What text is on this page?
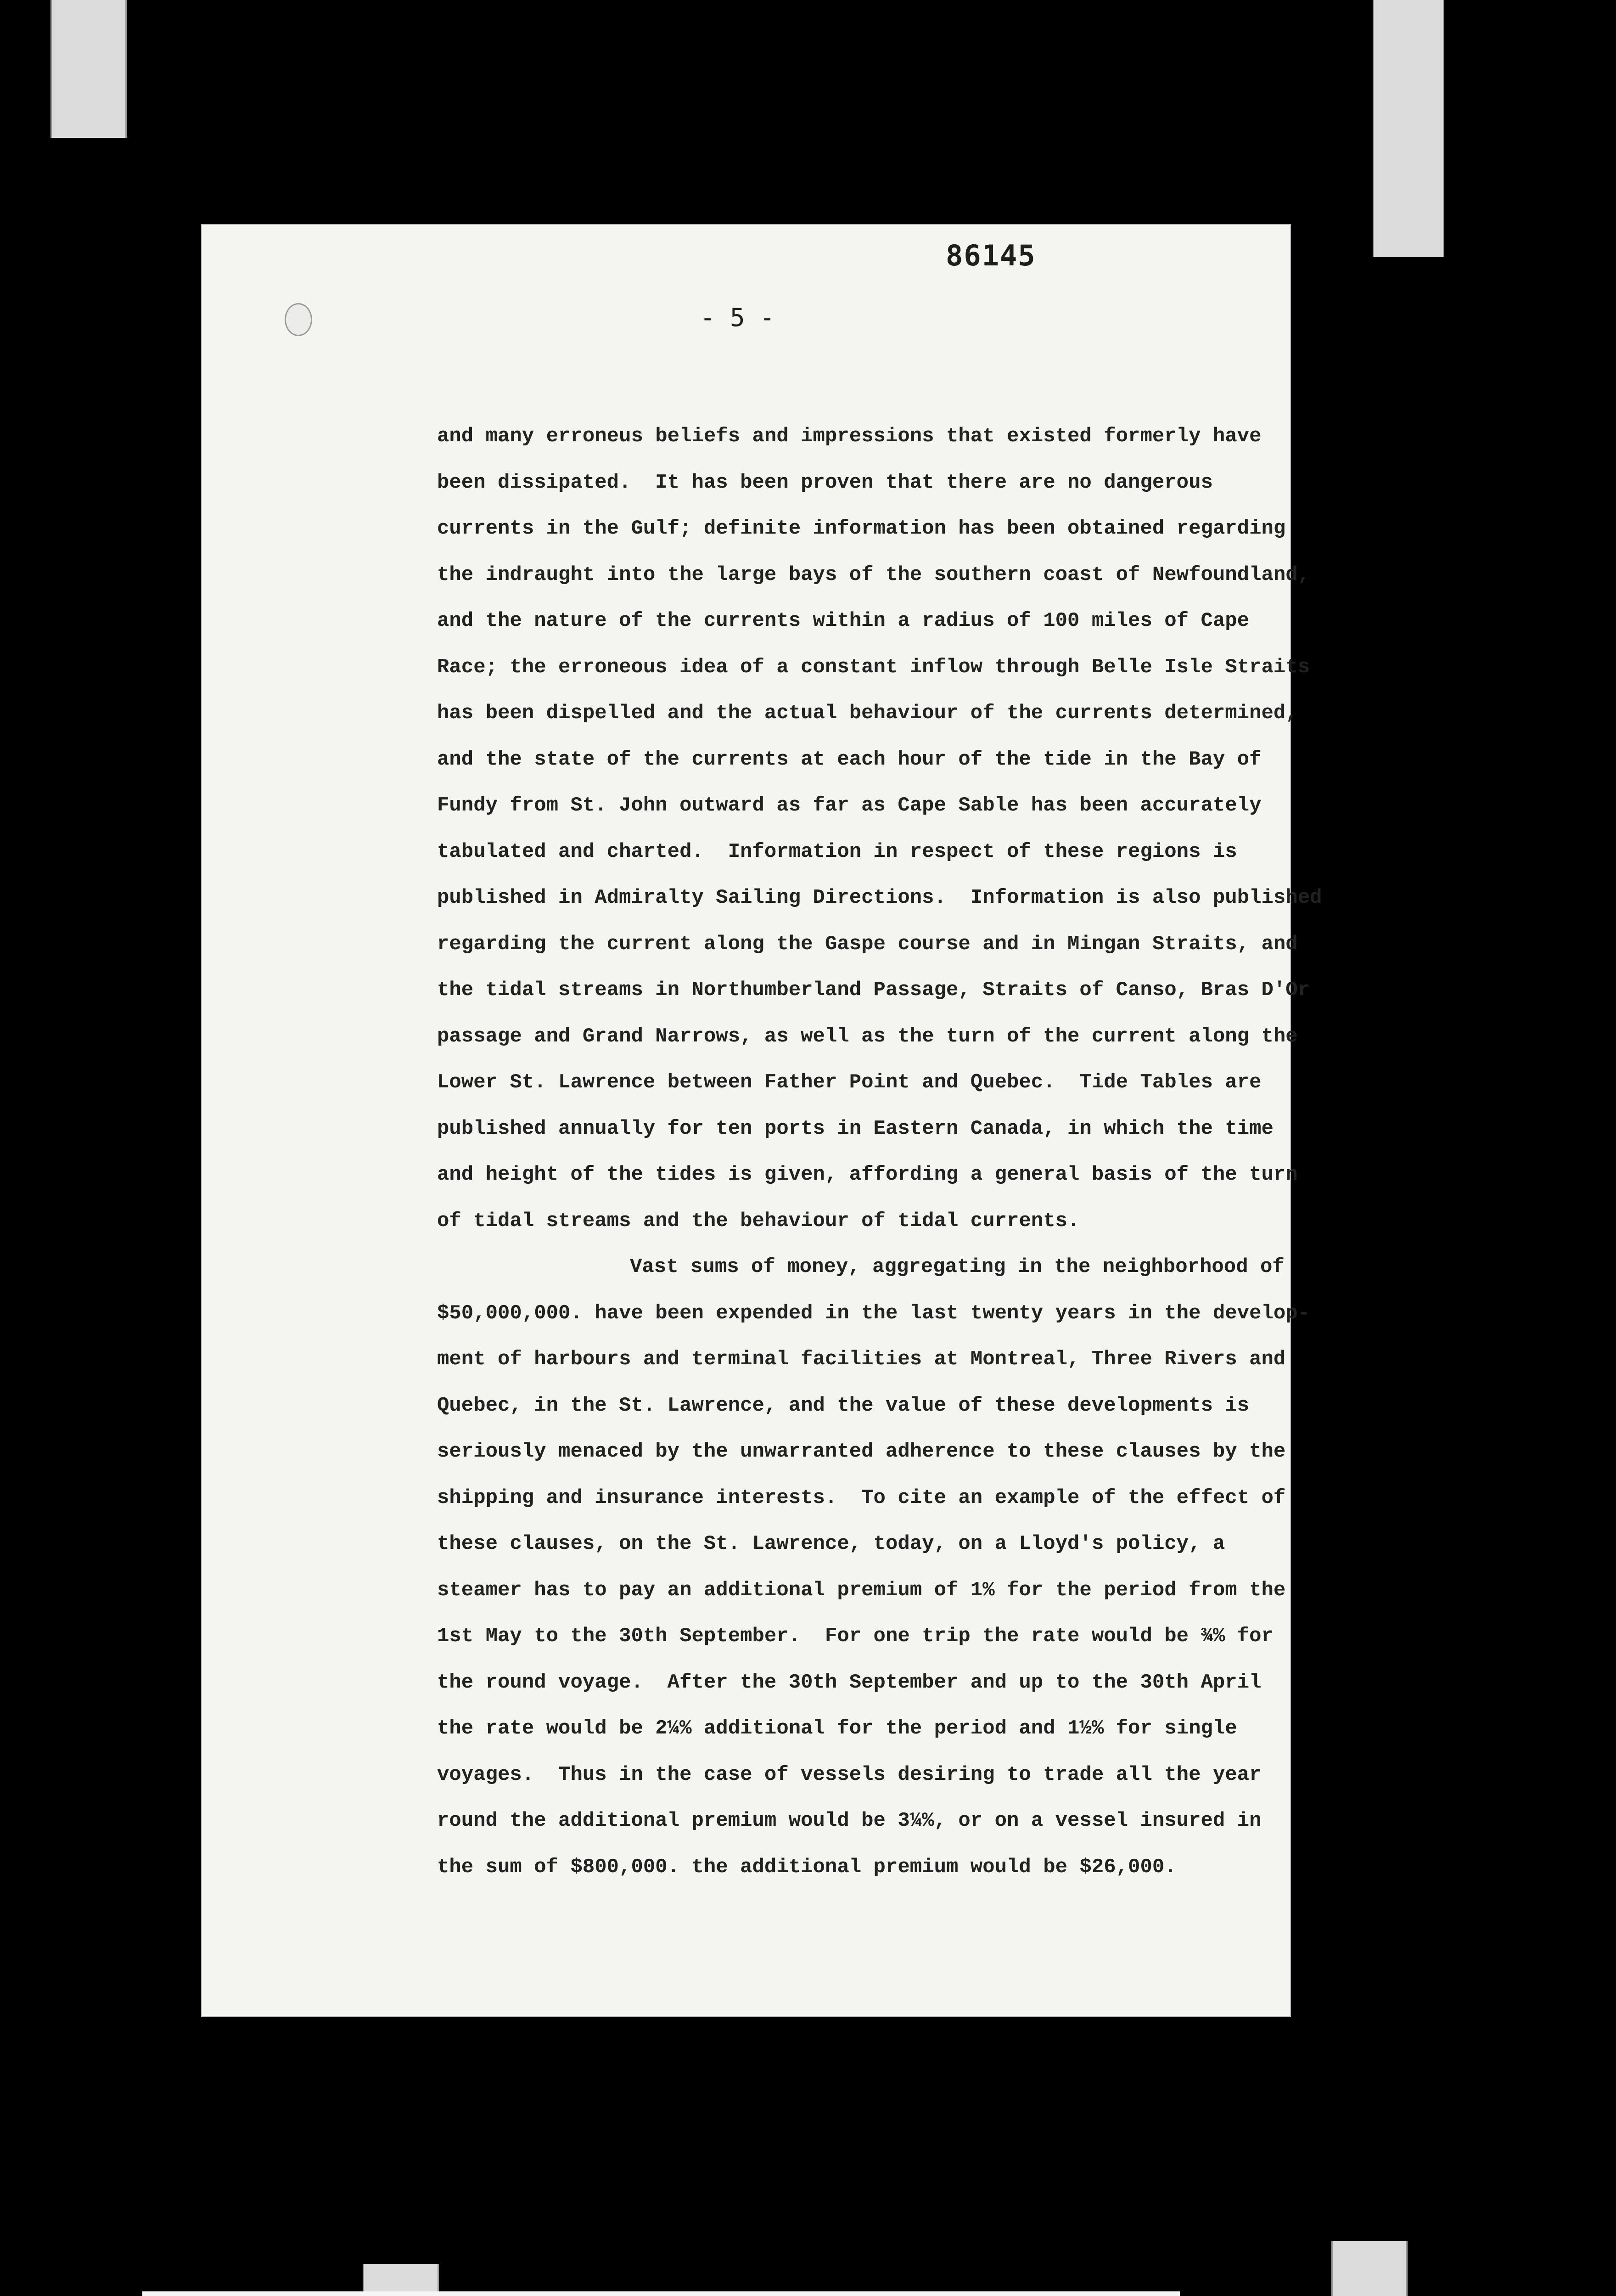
86145
- 5 -
and many erroneus beliefs and impressions that existed formerly have
been dissipated.  It has been proven that there are no dangerous
currents in the Gulf; definite information has been obtained regarding
the indraught into the large bays of the southern coast of Newfoundland,
and the nature of the currents within a radius of 100 miles of Cape
Race; the erroneous idea of a constant inflow through Belle Isle Straits
has been dispelled and the actual behaviour of the currents determined,
and the state of the currents at each hour of the tide in the Bay of
Fundy from St. John outward as far as Cape Sable has been accurately
tabulated and charted.  Information in respect of these regions is
published in Admiralty Sailing Directions.  Information is also published
regarding the current along the Gaspe course and in Mingan Straits, and
the tidal streams in Northumberland Passage, Straits of Canso, Bras D'Or
passage and Grand Narrows, as well as the turn of the current along the
Lower St. Lawrence between Father Point and Quebec.  Tide Tables are
published annually for ten ports in Eastern Canada, in which the time
and height of the tides is given, affording a general basis of the turn
of tidal streams and the behaviour of tidal currents.
Vast sums of money, aggregating in the neighborhood of
$50,000,000. have been expended in the last twenty years in the develop-
ment of harbours and terminal facilities at Montreal, Three Rivers and
Quebec, in the St. Lawrence, and the value of these developments is
seriously menaced by the unwarranted adherence to these clauses by the
shipping and insurance interests.  To cite an example of the effect of
these clauses, on the St. Lawrence, today, on a Lloyd's policy, a
steamer has to pay an additional premium of 1% for the period from the
1st May to the 30th September.  For one trip the rate would be ¾% for
the round voyage.  After the 30th September and up to the 30th April
the rate would be 2¼% additional for the period and 1½% for single
voyages.  Thus in the case of vessels desiring to trade all the year
round the additional premium would be 3¼%, or on a vessel insured in
the sum of $800,000. the additional premium would be $26,000.
